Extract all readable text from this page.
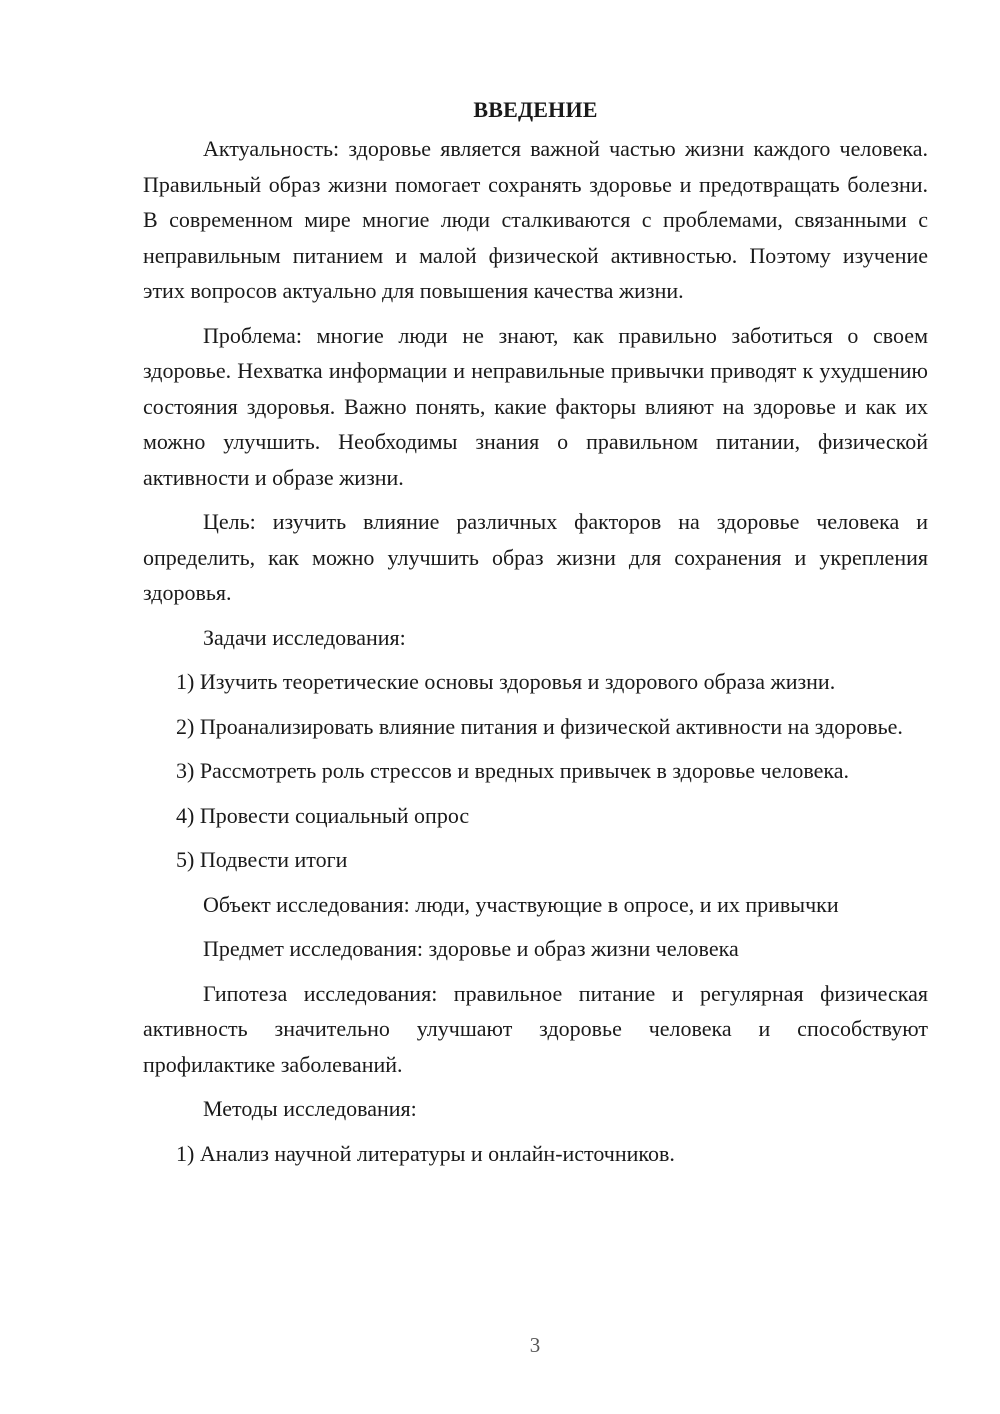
ВВЕДЕНИЕ

Актуальность: здоровье является важной частью жизни каждого человека. Правильный образ жизни помогает сохранять здоровье и предотвращать болезни. В современном мире многие люди сталкиваются с проблемами, связанными с неправильным питанием и малой физической активностью. Поэтому изучение этих вопросов актуально для повышения качества жизни.

Проблема: многие люди не знают, как правильно заботиться о своем здоровье. Нехватка информации и неправильные привычки приводят к ухудшению состояния здоровья. Важно понять, какие факторы влияют на здоровье и как их можно улучшить. Необходимы знания о правильном питании, физической активности и образе жизни.

Цель: изучить влияние различных факторов на здоровье человека и определить, как можно улучшить образ жизни для сохранения и укрепления здоровья.

Задачи исследования:

1) Изучить теоретические основы здоровья и здорового образа жизни.

2) Проанализировать влияние питания и физической активности на здоровье.

3) Рассмотреть роль стрессов и вредных привычек в здоровье человека.

4) Провести социальный опрос

5) Подвести итоги

Объект исследования: люди, участвующие в опросе, и их привычки

Предмет исследования: здоровье и образ жизни человека

Гипотеза исследования: правильное питание и регулярная физическая активность значительно улучшают здоровье человека и способствуют профилактике заболеваний.

Методы исследования:

1) Анализ научной литературы и онлайн-источников.

3
